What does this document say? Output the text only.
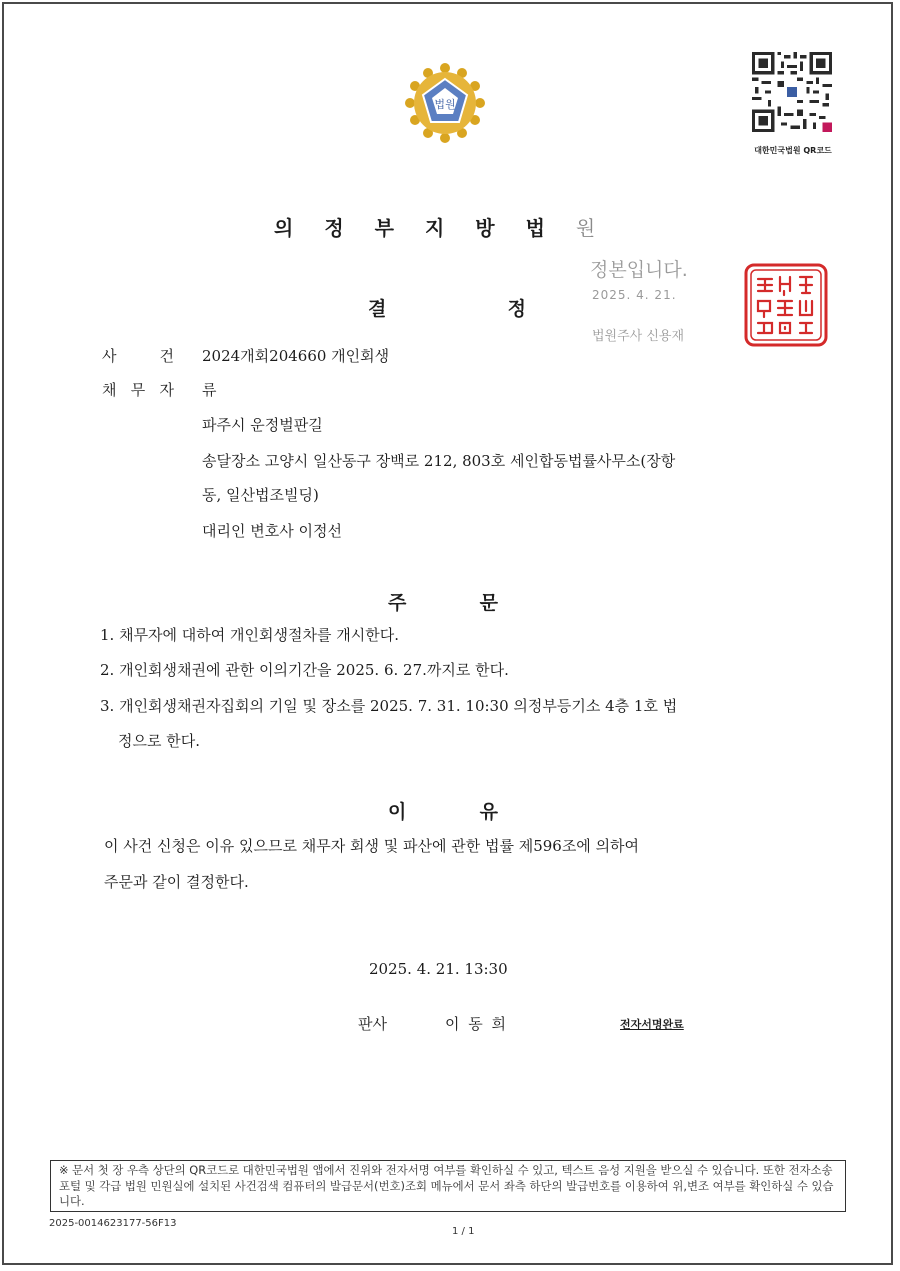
법원
대한민국법원 QR코드
의정부지방법원
정본입니다.
2025. 4. 21.
법원주사 신용재
결	정
사	건 2024개회204660 개인회생
채 무 자 류
파주시 운정벌판길
송달장소 고양시 일산동구 장백로 212, 803호 세인합동법률사무소(장항
동, 일산법조빌딩)
대리인 변호사 이정선
주	문
1. 채무자에 대하여 개인회생절차를 개시한다.
2. 개인회생채권에 관한 이의기간을 2025. 6. 27.까지로 한다.
3. 개인회생채권자집회의 기일 및 장소를 2025. 7. 31. 10:30 의정부등기소 4층 1호 법
정으로 한다.
이	유
이 사건 신청은 이유 있으므로 채무자 회생 및 파산에 관한 법률 제596조에 의하여
주문과 같이 결정한다.
2025. 4. 21. 13:30
판사	이 동 희	전자서명완료
※ 문서 첫 장 우측 상단의 QR코드로 대한민국법원 앱에서 진위와 전자서명 여부를 확인하실 수 있고, 텍스트 음성 지원을 받으실 수 있습니다. 또한 전자소송포털 및 각급 법원 민원실에 설치된 사건검색 컴퓨터의 발급문서(번호)조회 메뉴에서 문서 좌측 하단의 발급번호를 이용하여 위,변조 여부를 확인하실 수 있습니다.
2025-0014623177-56F13
1 / 1
